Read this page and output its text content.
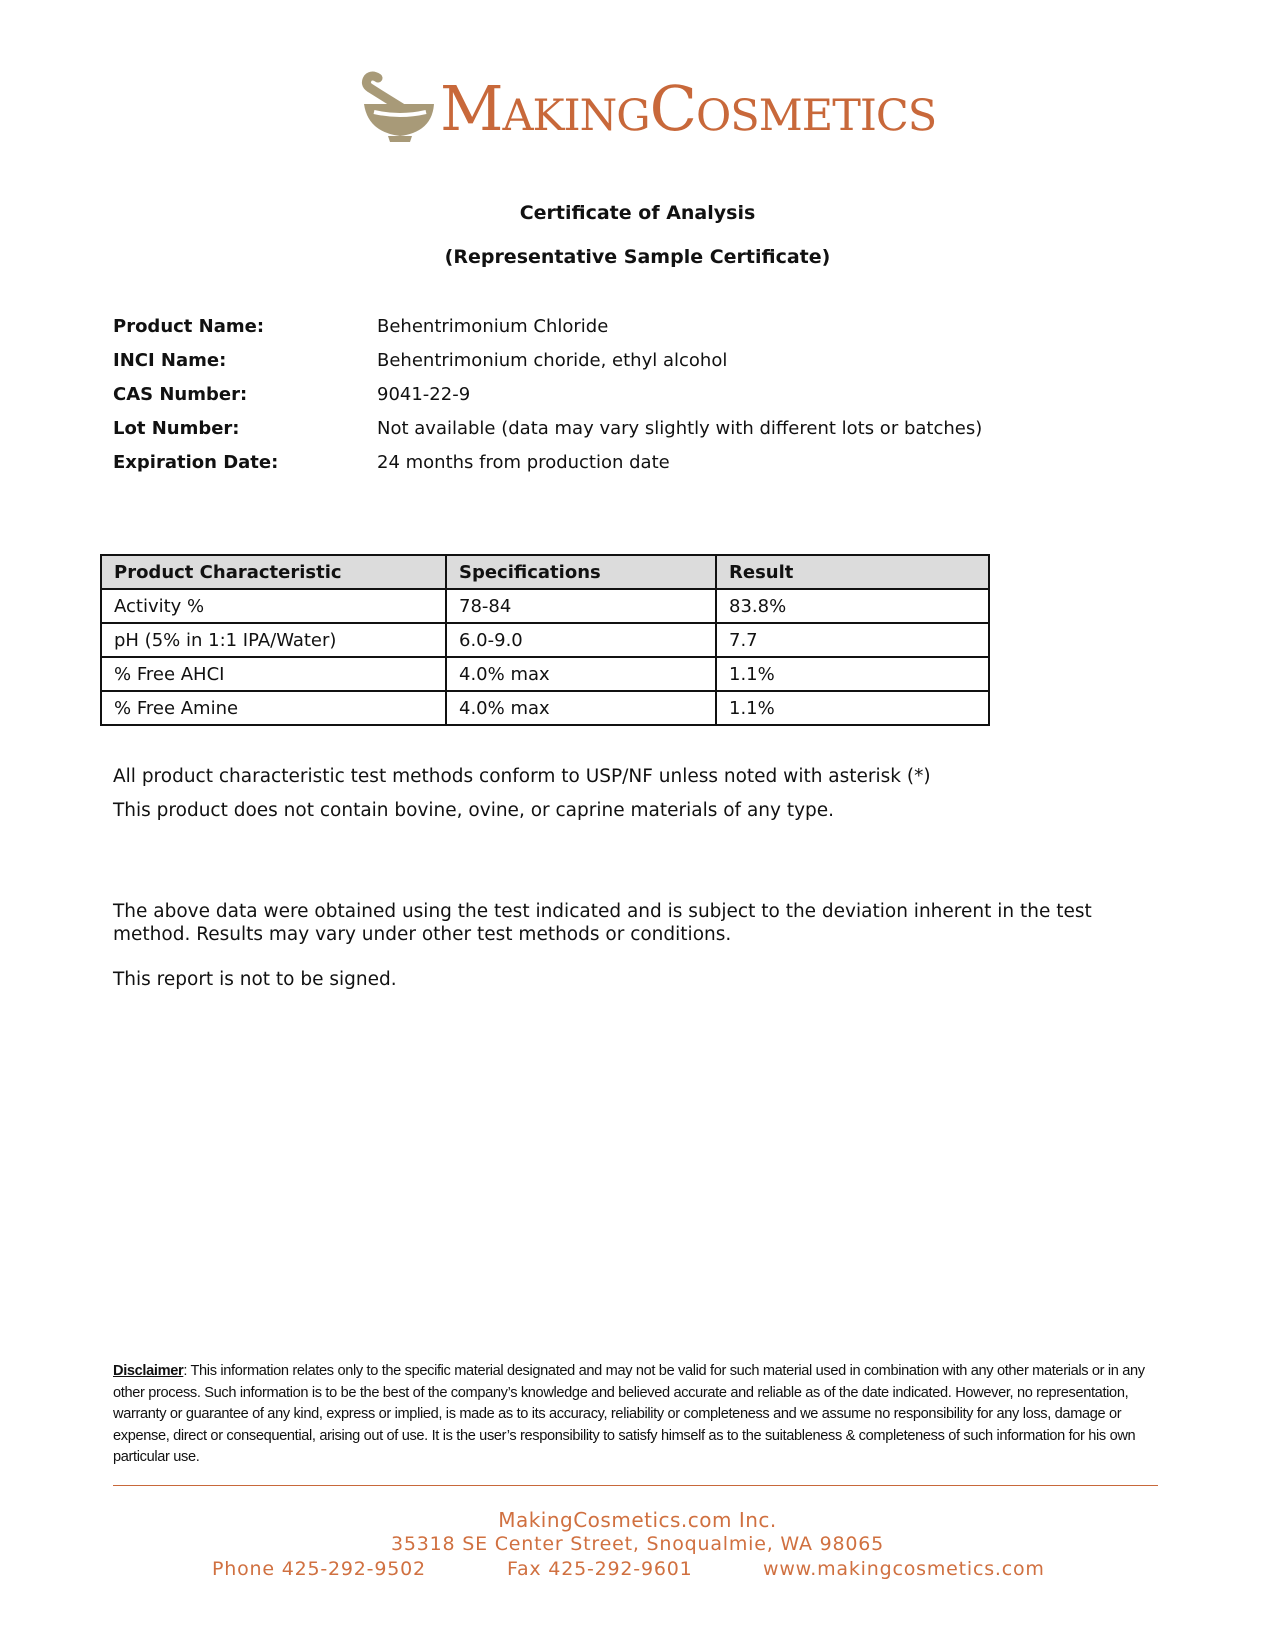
MakingCosmetics
Certificate of Analysis
(Representative Sample Certificate)
Product Name:	Behentrimonium Chloride
INCI Name:	Behentrimonium choride, ethyl alcohol
CAS Number:	9041-22-9
Lot Number:	Not available (data may vary slightly with different lots or batches)
Expiration Date:	24 months from production date
Product Characteristic	Specifications	Result
Activity %	78-84	83.8%
pH (5% in 1:1 IPA/Water)	6.0-9.0	7.7
% Free AHCI	4.0% max	1.1%
% Free Amine	4.0% max	1.1%
All product characteristic test methods conform to USP/NF unless noted with asterisk (*)
This product does not contain bovine, ovine, or caprine materials of any type.
The above data were obtained using the test indicated and is subject to the deviation inherent in the test
method. Results may vary under other test methods or conditions.
This report is not to be signed.
Disclaimer: This information relates only to the specific material designated and may not be valid for such material used in combination with any other materials or in any other process. Such information is to be the best of the company’s knowledge and believed accurate and reliable as of the date indicated. However, no representation, warranty or guarantee of any kind, express or implied, is made as to its accuracy, reliability or completeness and we assume no responsibility for any loss, damage or expense, direct or consequential, arising out of use. It is the user’s responsibility to satisfy himself as to the suitableness & completeness of such information for his own particular use.
MakingCosmetics.com Inc.
35318 SE Center Street, Snoqualmie, WA 98065
Phone 425-292-9502	Fax 425-292-9601	www.makingcosmetics.com
